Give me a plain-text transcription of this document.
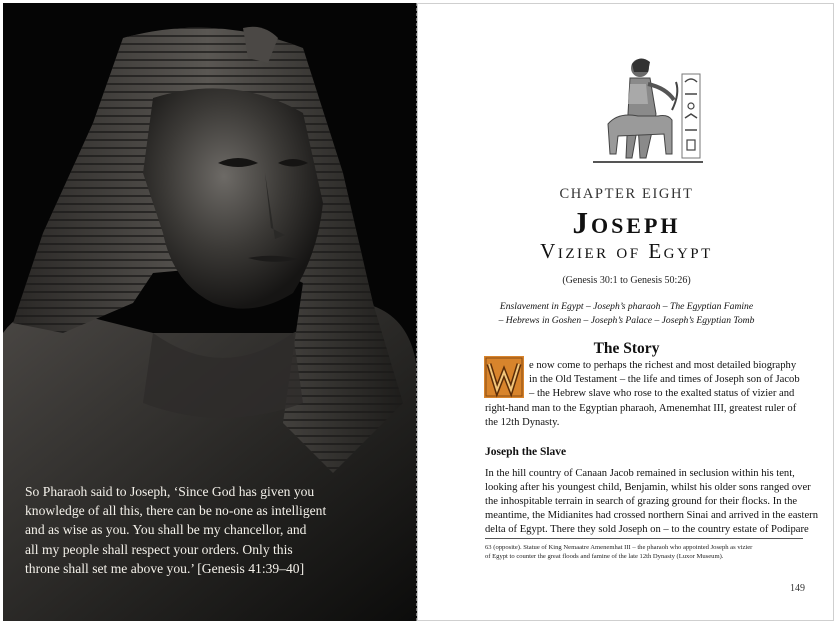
So Pharaoh said to Joseph, ‘Since God has given you
knowledge of all this, there can be no-one as intelligent
and as wise as you. You shall be my chancellor, and
all my people shall respect your orders. Only this
throne shall set me above you.’ [Genesis 41:39–40]
CHAPTER EIGHT
Joseph
Vizier of Egypt
(Genesis 30:1 to Genesis 50:26)
Enslavement in Egypt – Joseph’s pharaoh – The Egyptian Famine
– Hebrews in Goshen – Joseph’s Palace – Joseph’s Egyptian Tomb
The Story
e now come to perhaps the richest and most detailed biography
in the Old Testament – the life and times of Joseph son of Jacob
– the Hebrew slave who rose to the exalted status of vizier and
right-hand man to the Egyptian pharaoh, Amenemhat III, greatest ruler of
the 12th Dynasty.
Joseph the Slave
In the hill country of Canaan Jacob remained in seclusion within his tent,
looking after his youngest child, Benjamin, whilst his older sons ranged over
the inhospitable terrain in search of grazing ground for their flocks. In the
meantime, the Midianites had crossed northern Sinai and arrived in the eastern
delta of Egypt. There they sold Joseph on – to the country estate of Podipare
63 (opposite). Statue of King Nemaatre Amenemhat III – the pharaoh who appointed Joseph as vizier
of Egypt to counter the great floods and famine of the late 12th Dynasty (Luxor Museum).
149
